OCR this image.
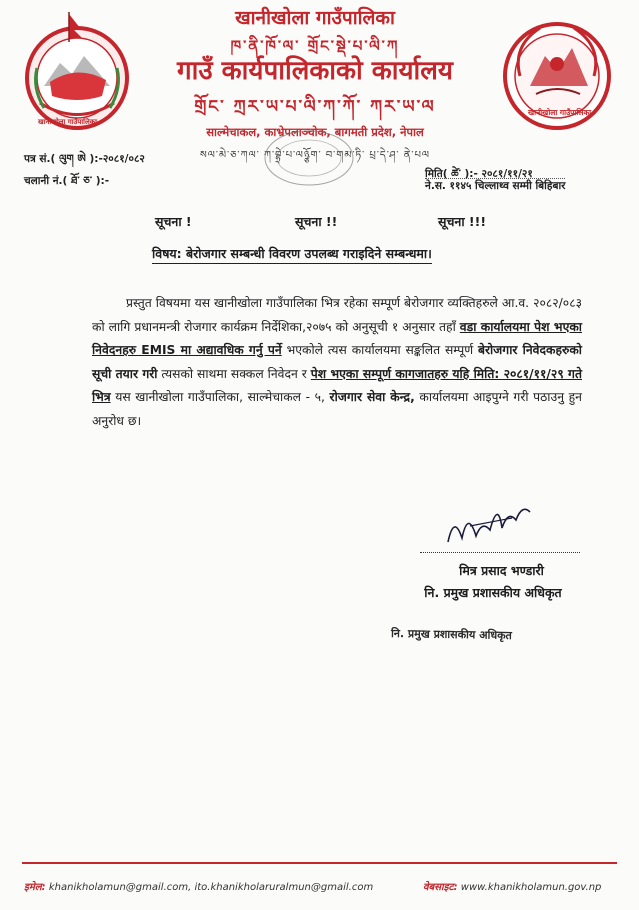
खानीखोला गाउँपालिका
खानीखोला गाउँपालिका
खानीखोला गाउँपालिका
ཁ་ནི་ཁོ་ལ་ གྲོང་སྡེ་པ་ལི་ཀ
गाउँ कार्यपालिकाको कार्यालय
གྲོང་ ཀྲར་ཡ་པ་ལི་ཀ་ཀོ་ ཀར་ཡ་ལ
साल्मेचाकल, काभ्रेपलाञ्चोक, बागमती प्रदेश, नेपाल
སལ་མེ་ཅ་ཀལ་ ཀ་བྷྲེ་པ་ལཉྩོག་ བ་གམ་ཏི་ པྲ་དེ་ཤ་ ནེ་པལ
पत्र सं.( ལུག ཨེ ):-२०८१/०८२
चलानी नं.( ཐོ་ ཅ་ ):-
मिति( ཚེ་ ):- २०८१/११/२१
ने.स. ११४५ चिल्लाथ्व सम्मी बिहिबार
सूचना !	सूचना !!	सूचना !!!
विषय: बेरोजगार सम्बन्धी विवरण उपलब्ध गराइदिने सम्बन्धमा।

प्रस्तुत विषयमा यस खानीखोला गाउँपालिका भित्र रहेका सम्पूर्ण बेरोजगार व्यक्तिहरुले आ.व. २०८२/०८३ को लागि प्रधानमन्त्री रोजगार कार्यक्रम निर्देशिका,२०७५ को अनुसूची १ अनुसार तहाँ वडा कार्यालयमा पेश भएका निवेदनहरु EMIS मा अद्यावधिक गर्नु पर्ने भएकोले त्यस कार्यालयमा सङ्कलित सम्पूर्ण बेरोजगार निवेदकहरुको सूची तयार गरी त्यसको साथमा सक्कल निवेदन र पेश भएका सम्पूर्ण कागजातहरु यहि मिति: २०८१/११/२९ गते भित्र यस खानीखोला गाउँपालिका, साल्मेचाकल - ५, रोजगार सेवा केन्द्र, कार्यालयमा आइपुग्ने गरी पठाउनु हुन अनुरोध छ।

मित्र प्रसाद भण्डारी
नि. प्रमुख प्रशासकीय अधिकृत
नि. प्रमुख प्रशासकीय अधिकृत
इमेल: khanikholamun@gmail.com, ito.khanikholaruralmun@gmail.com	वेबसाइट: www.khanikholamun.gov.np
